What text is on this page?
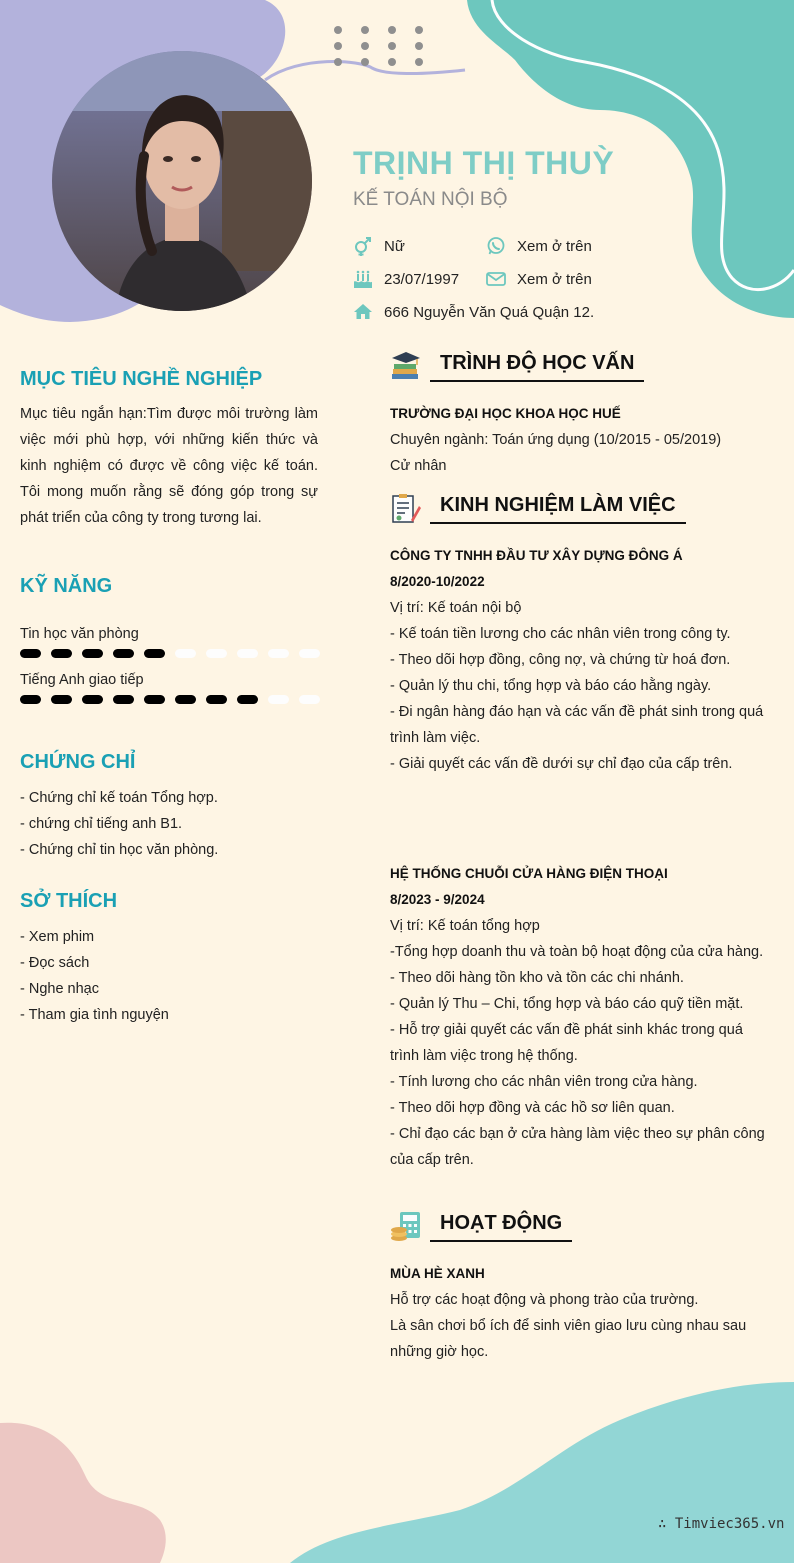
TRỊNH THỊ THUỲ
KẾ TOÁN NỘI BỘ
Nữ	Xem ở trên
23/07/1997	Xem ở trên
666 Nguyễn Văn Quá Quận 12.
MỤC TIÊU NGHỀ NGHIỆP
Mục tiêu ngắn hạn:Tìm được môi trường làm việc mới phù hợp, với những kiến thức và kinh nghiệm có được về công việc kế toán. Tôi mong muốn rằng sẽ đóng góp trong sự phát triển của công ty trong tương lai.
KỸ NĂNG
Tin học văn phòng
Tiếng Anh giao tiếp
CHỨNG CHỈ
- Chứng chỉ kế toán Tổng hợp.
- chứng chỉ tiếng anh B1.
- Chứng chỉ tin học văn phòng.
SỞ THÍCH
- Xem phim
- Đọc sách
- Nghe nhạc
- Tham gia tình nguyện
TRÌNH ĐỘ HỌC VẤN
TRƯỜNG ĐẠI HỌC KHOA HỌC HUẾ
Chuyên ngành: Toán ứng dụng (10/2015 - 05/2019)
Cử nhân
KINH NGHIỆM LÀM VIỆC
CÔNG TY TNHH ĐẦU TƯ XÂY DỰNG ĐÔNG Á
8/2020-10/2022
Vị trí: Kế toán nội bộ
- Kế toán tiền lương cho các nhân viên trong công ty.
- Theo dõi hợp đồng, công nợ, và chứng từ hoá đơn.
- Quản lý thu chi, tổng hợp và báo cáo hằng ngày.
- Đi ngân hàng đáo hạn và các vấn đề phát sinh trong quá trình làm việc.
- Giải quyết các vấn đề dưới sự chỉ đạo của cấp trên.
HỆ THỐNG CHUỖI CỬA HÀNG ĐIỆN THOẠI
8/2023 - 9/2024
Vị trí: Kế toán tổng hợp
-Tổng hợp doanh thu và toàn bộ hoạt động của cửa hàng.
- Theo dõi hàng tồn kho và tồn các chi nhánh.
- Quản lý Thu – Chi, tổng hợp và báo cáo quỹ tiền mặt.
- Hỗ trợ giải quyết các vấn đề phát sinh khác trong quá trình làm việc trong hệ thống.
- Tính lương cho các nhân viên trong cửa hàng.
- Theo dõi hợp đồng và các hồ sơ liên quan.
- Chỉ đạo các bạn ở cửa hàng làm việc theo sự phân công của cấp trên.
HOẠT ĐỘNG
MÙA HÈ XANH
Hỗ trợ các hoạt động và phong trào của trường.
Là sân chơi bổ ích để sinh viên giao lưu cùng nhau sau những giờ học.
∴ Timviec365.vn
